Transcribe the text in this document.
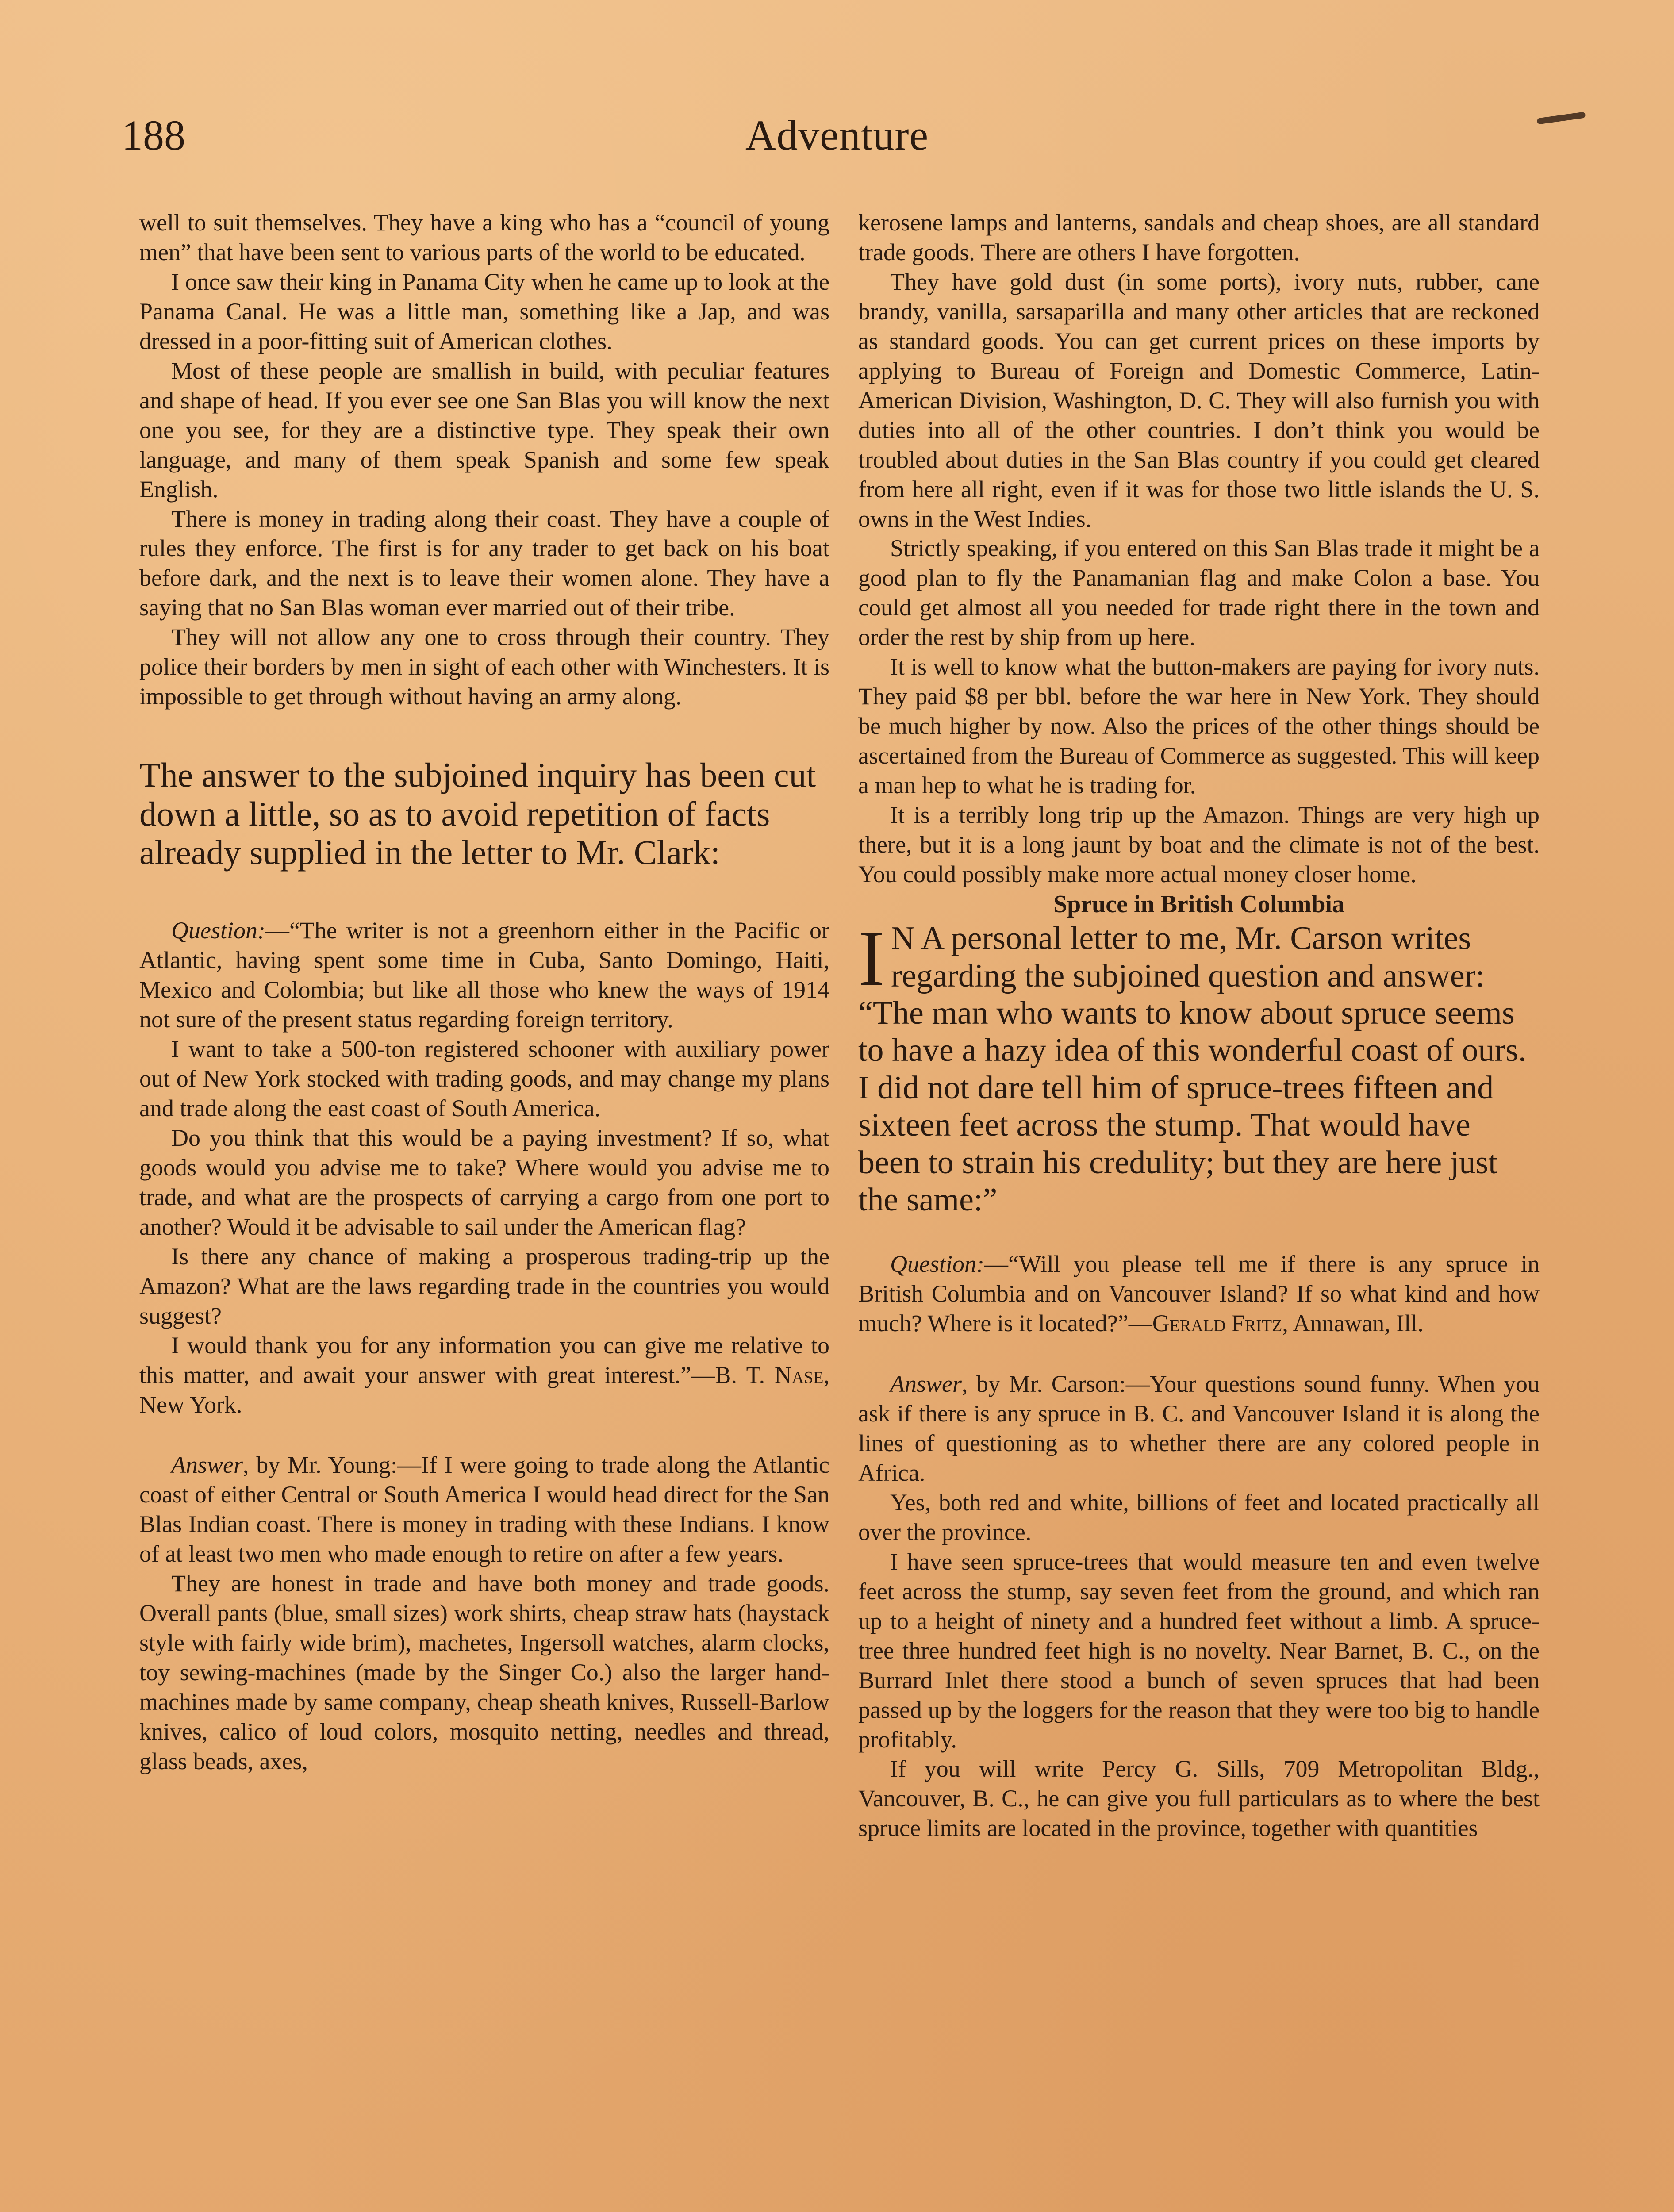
Adventure
188

well to suit themselves. They have a king who has a “council of young men” that have been sent to various parts of the world to be educated.

I once saw their king in Panama City when he came up to look at the Panama Canal. He was a little man, something like a Jap, and was dressed in a poor-fitting suit of American clothes.

Most of these people are smallish in build, with peculiar features and shape of head. If you ever see one San Blas you will know the next one you see, for they are a distinctive type. They speak their own language, and many of them speak Spanish and some few speak English.

There is money in trading along their coast. They have a couple of rules they enforce. The first is for any trader to get back on his boat before dark, and the next is to leave their women alone. They have a saying that no San Blas woman ever married out of their tribe.

They will not allow any one to cross through their country. They police their borders by men in sight of each other with Winchesters. It is impossible to get through without having an army along.

The answer to the subjoined inquiry has been cut down a little, so as to avoid repetition of facts already supplied in the letter to Mr. Clark:

Question:—“The writer is not a greenhorn either in the Pacific or Atlantic, having spent some time in Cuba, Santo Domingo, Haiti, Mexico and Colombia; but like all those who knew the ways of 1914 not sure of the present status regarding foreign territory.

I want to take a 500-ton registered schooner with auxiliary power out of New York stocked with trading goods, and may change my plans and trade along the east coast of South America.

Do you think that this would be a paying investment? If so, what goods would you advise me to take? Where would you advise me to trade, and what are the prospects of carrying a cargo from one port to another? Would it be advisable to sail under the American flag?

Is there any chance of making a prosperous trading-trip up the Amazon? What are the laws regarding trade in the countries you would suggest?

I would thank you for any information you can give me relative to this matter, and await your answer with great interest.”—B. T. Nase, New York.

Answer, by Mr. Young:—If I were going to trade along the Atlantic coast of either Central or South America I would head direct for the San Blas Indian coast. There is money in trading with these Indians. I know of at least two men who made enough to retire on after a few years.

They are honest in trade and have both money and trade goods. Overall pants (blue, small sizes) work shirts, cheap straw hats (haystack style with fairly wide brim), machetes, Ingersoll watches, alarm clocks, toy sewing-machines (made by the Singer Co.) also the larger hand-machines made by same company, cheap sheath knives, Russell-Barlow knives, calico of loud colors, mosquito netting, needles and thread, glass beads, axes,

kerosene lamps and lanterns, sandals and cheap shoes, are all standard trade goods. There are others I have forgotten.

They have gold dust (in some ports), ivory nuts, rubber, cane brandy, vanilla, sarsaparilla and many other articles that are reckoned as standard goods. You can get current prices on these imports by applying to Bureau of Foreign and Domestic Commerce, Latin-American Division, Washington, D. C. They will also furnish you with duties into all of the other countries. I don’t think you would be troubled about duties in the San Blas country if you could get cleared from here all right, even if it was for those two little islands the U. S. owns in the West Indies.

Strictly speaking, if you entered on this San Blas trade it might be a good plan to fly the Panamanian flag and make Colon a base. You could get almost all you needed for trade right there in the town and order the rest by ship from up here.

It is well to know what the button-makers are paying for ivory nuts. They paid $8 per bbl. before the war here in New York. They should be much higher by now. Also the prices of the other things should be ascertained from the Bureau of Commerce as suggested. This will keep a man hep to what he is trading for.

It is a terribly long trip up the Amazon. Things are very high up there, but it is a long jaunt by boat and the climate is not of the best. You could possibly make more actual money closer home.

Spruce in British Columbia

I N A personal letter to me, Mr. Carson writes regarding the subjoined question and answer: “The man who wants to know about spruce seems to have a hazy idea of this wonderful coast of ours. I did not dare tell him of spruce-trees fifteen and sixteen feet across the stump. That would have been to strain his credulity; but they are here just the same:”

Question:—“Will you please tell me if there is any spruce in British Columbia and on Vancouver Island? If so what kind and how much? Where is it located?”—Gerald Fritz, Annawan, Ill.

Answer, by Mr. Carson:—Your questions sound funny. When you ask if there is any spruce in B. C. and Vancouver Island it is along the lines of questioning as to whether there are any colored people in Africa.

Yes, both red and white, billions of feet and located practically all over the province.

I have seen spruce-trees that would measure ten and even twelve feet across the stump, say seven feet from the ground, and which ran up to a height of ninety and a hundred feet without a limb. A spruce-tree three hundred feet high is no novelty. Near Barnet, B. C., on the Burrard Inlet there stood a bunch of seven spruces that had been passed up by the loggers for the reason that they were too big to handle profitably.

If you will write Percy G. Sills, 709 Metropolitan Bldg., Vancouver, B. C., he can give you full particulars as to where the best spruce limits are located in the province, together with quantities
